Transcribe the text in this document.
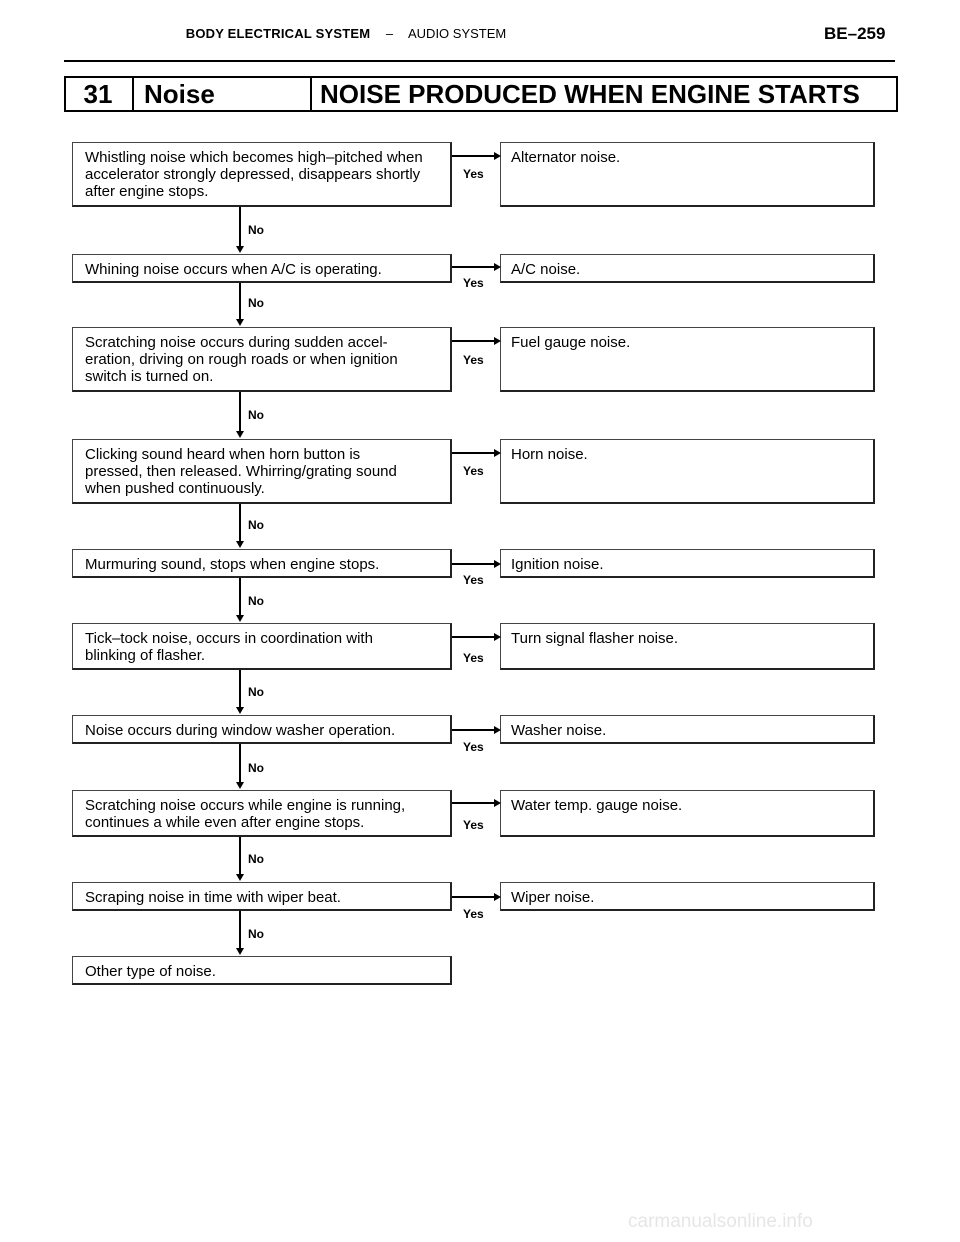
BODY ELECTRICAL SYSTEM – AUDIO SYSTEM	BE–259
31	Noise	NOISE PRODUCED WHEN ENGINE STARTS
Whistling noise which becomes high–pitched when
accelerator strongly depressed, disappears shortly
after engine stops.
Whining noise occurs when A/C is operating.
Scratching noise occurs during sudden accel-
eration, driving on rough roads or when ignition
switch is turned on.
Clicking sound heard when horn button is
pressed, then released. Whirring/grating sound
when pushed continuously.
Murmuring sound, stops when engine stops.
Tick–tock noise, occurs in coordination with
blinking of flasher.
Noise occurs during window washer operation.
Scratching noise occurs while engine is running,
continues a while even after engine stops.
Scraping noise in time with wiper beat.
Other type of noise.
Alternator noise.
A/C noise.
Fuel gauge noise.
Horn noise.
Ignition noise.
Turn signal flasher noise.
Washer noise.
Water temp. gauge noise.
Wiper noise.
Yes
Yes
Yes
Yes
Yes
Yes
Yes
Yes
Yes
No
No
No
No
No
No
No
No
No
carmanualsonline.info
